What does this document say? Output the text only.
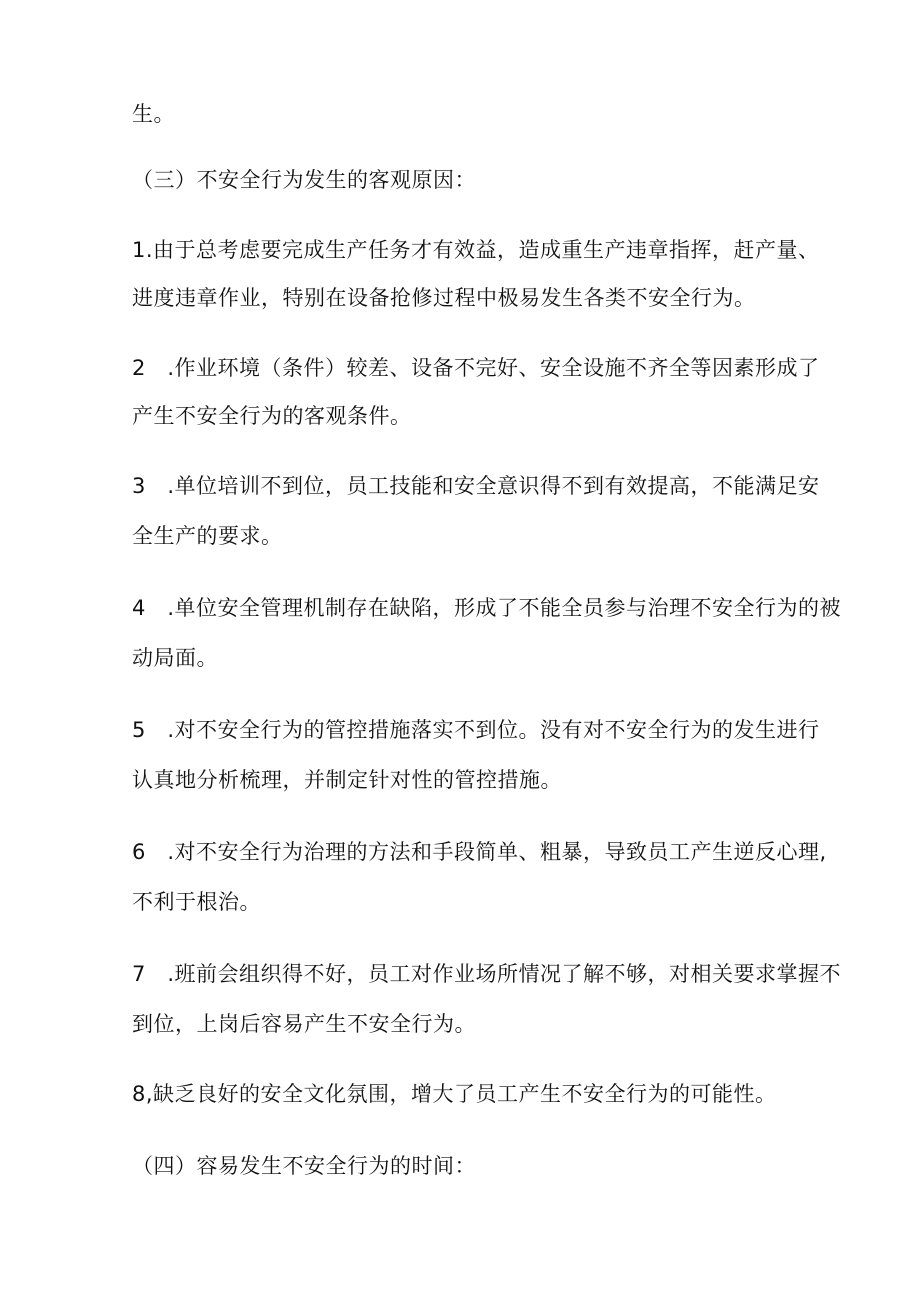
生。
（三）不安全行为发生的客观原因：
1.由于总考虑要完成生产任务才有效益，造成重生产违章指挥，赶产量、
进度违章作业，特别在设备抢修过程中极易发生各类不安全行为。
2　.作业环境（条件）较差、设备不完好、安全设施不齐全等因素形成了
产生不安全行为的客观条件。
3　.单位培训不到位，员工技能和安全意识得不到有效提高，不能满足安
全生产的要求。
4　.单位安全管理机制存在缺陷，形成了不能全员参与治理不安全行为的被
动局面。
5　.对不安全行为的管控措施落实不到位。没有对不安全行为的发生进行
认真地分析梳理，并制定针对性的管控措施。
6　.对不安全行为治理的方法和手段简单、粗暴，导致员工产生逆反心理,
不利于根治。
7　.班前会组织得不好，员工对作业场所情况了解不够，对相关要求掌握不
到位，上岗后容易产生不安全行为。
8,缺乏良好的安全文化氛围，增大了员工产生不安全行为的可能性。
（四）容易发生不安全行为的时间：
